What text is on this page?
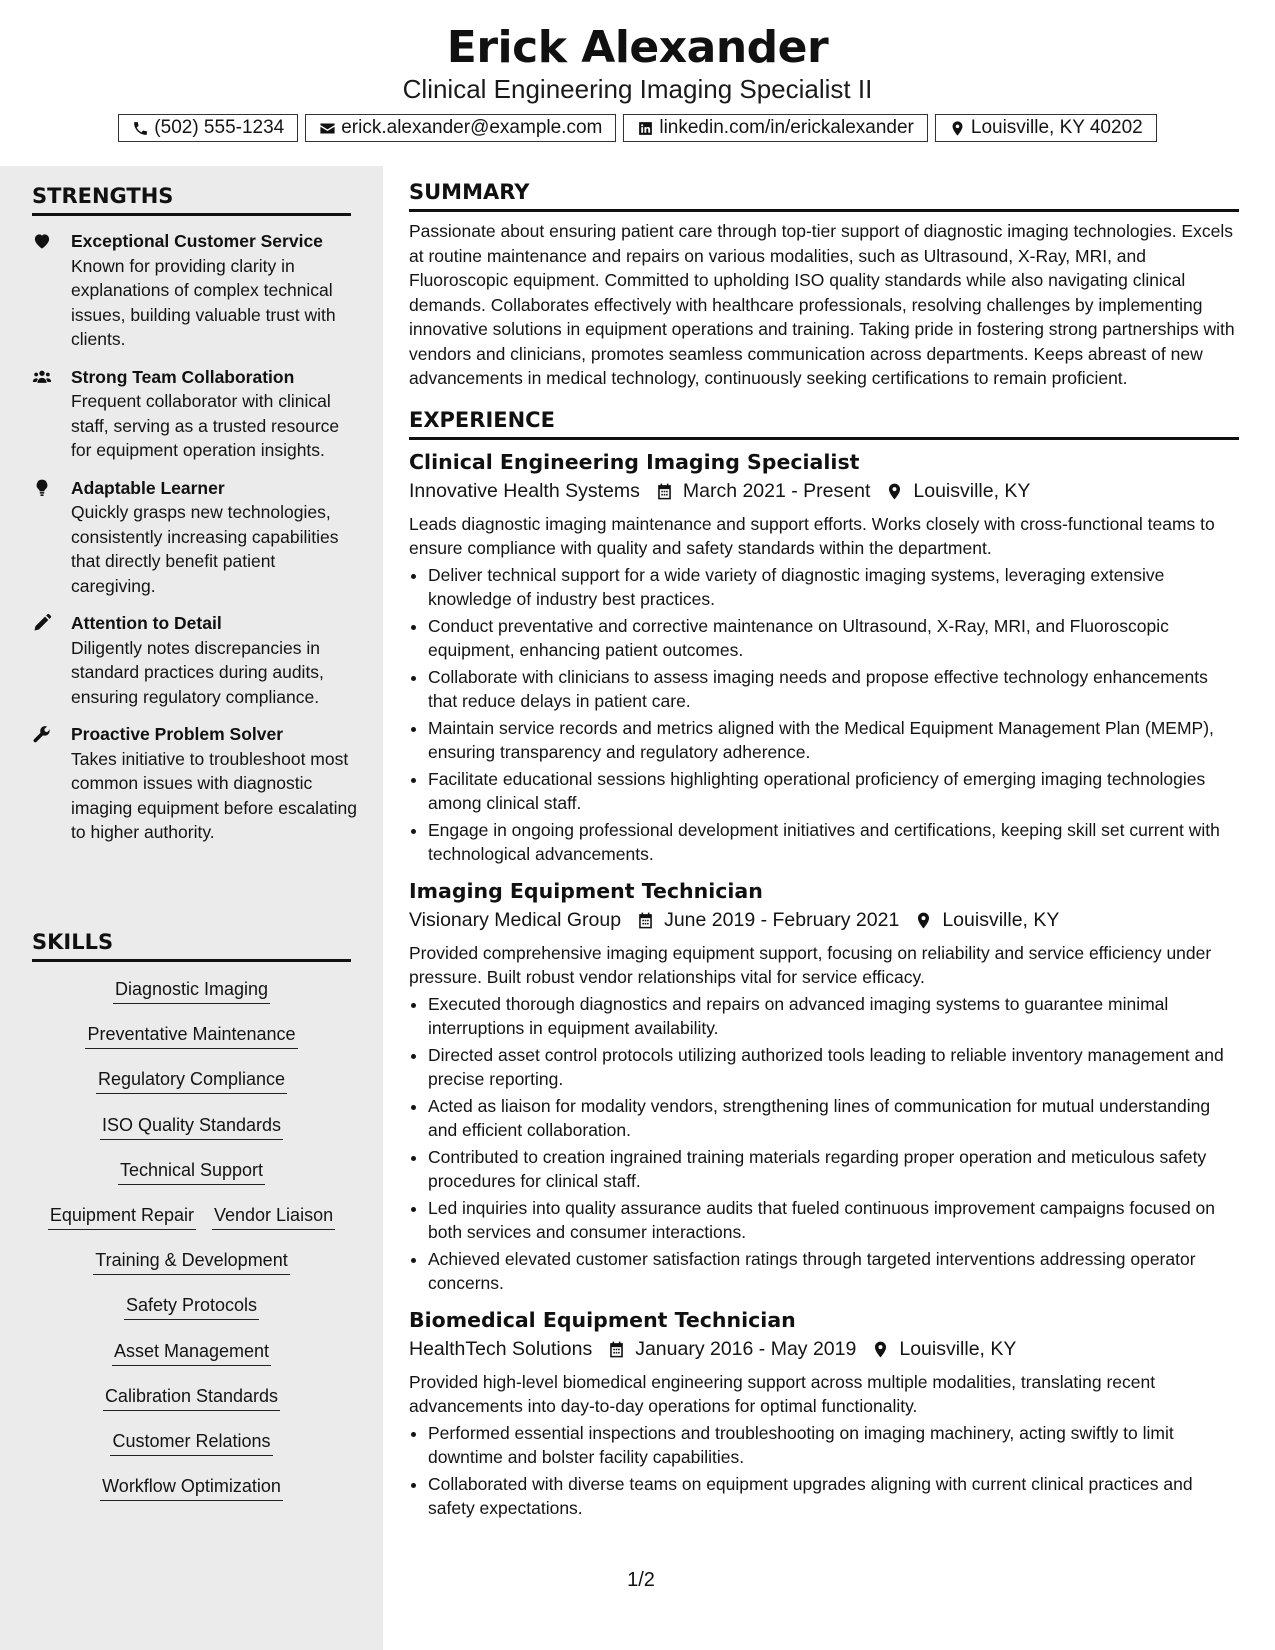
Erick Alexander
Clinical Engineering Imaging Specialist II
(502) 555-1234	erick.alexander@example.com	linkedin.com/in/erickalexander	Louisville, KY 40202
STRENGTHS
Exceptional Customer Service
Known for providing clarity in explanations of complex technical issues, building valuable trust with clients.
Strong Team Collaboration
Frequent collaborator with clinical staff, serving as a trusted resource for equipment operation insights.
Adaptable Learner
Quickly grasps new technologies, consistently increasing capabilities that directly benefit patient caregiving.
Attention to Detail
Diligently notes discrepancies in standard practices during audits, ensuring regulatory compliance.
Proactive Problem Solver
Takes initiative to troubleshoot most common issues with diagnostic imaging equipment before escalating to higher authority.
SKILLS
Diagnostic Imaging
Preventative Maintenance
Regulatory Compliance
ISO Quality Standards
Technical Support
Equipment Repair Vendor Liaison
Training & Development
Safety Protocols
Asset Management
Calibration Standards
Customer Relations
Workflow Optimization
SUMMARY
Passionate about ensuring patient care through top-tier support of diagnostic imaging technologies. Excels at routine maintenance and repairs on various modalities, such as Ultrasound, X-Ray, MRI, and Fluoroscopic equipment. Committed to upholding ISO quality standards while also navigating clinical demands. Collaborates effectively with healthcare professionals, resolving challenges by implementing innovative solutions in equipment operations and training. Taking pride in fostering strong partnerships with vendors and clinicians, promotes seamless communication across departments. Keeps abreast of new advancements in medical technology, continuously seeking certifications to remain proficient.
EXPERIENCE
Clinical Engineering Imaging Specialist
Innovative Health Systems March 2021 - Present Louisville, KY
Leads diagnostic imaging maintenance and support efforts. Works closely with cross-functional teams to ensure compliance with quality and safety standards within the department.
• Deliver technical support for a wide variety of diagnostic imaging systems, leveraging extensive knowledge of industry best practices.
• Conduct preventative and corrective maintenance on Ultrasound, X-Ray, MRI, and Fluoroscopic equipment, enhancing patient outcomes.
• Collaborate with clinicians to assess imaging needs and propose effective technology enhancements that reduce delays in patient care.
• Maintain service records and metrics aligned with the Medical Equipment Management Plan (MEMP), ensuring transparency and regulatory adherence.
• Facilitate educational sessions highlighting operational proficiency of emerging imaging technologies among clinical staff.
• Engage in ongoing professional development initiatives and certifications, keeping skill set current with technological advancements.
Imaging Equipment Technician
Visionary Medical Group June 2019 - February 2021 Louisville, KY
Provided comprehensive imaging equipment support, focusing on reliability and service efficiency under pressure. Built robust vendor relationships vital for service efficacy.
• Executed thorough diagnostics and repairs on advanced imaging systems to guarantee minimal interruptions in equipment availability.
• Directed asset control protocols utilizing authorized tools leading to reliable inventory management and precise reporting.
• Acted as liaison for modality vendors, strengthening lines of communication for mutual understanding and efficient collaboration.
• Contributed to creation ingrained training materials regarding proper operation and meticulous safety procedures for clinical staff.
• Led inquiries into quality assurance audits that fueled continuous improvement campaigns focused on both services and consumer interactions.
• Achieved elevated customer satisfaction ratings through targeted interventions addressing operator concerns.
Biomedical Equipment Technician
HealthTech Solutions January 2016 - May 2019 Louisville, KY
Provided high-level biomedical engineering support across multiple modalities, translating recent advancements into day-to-day operations for optimal functionality.
• Performed essential inspections and troubleshooting on imaging machinery, acting swiftly to limit downtime and bolster facility capabilities.
• Collaborated with diverse teams on equipment upgrades aligning with current clinical practices and safety expectations.
1/2
